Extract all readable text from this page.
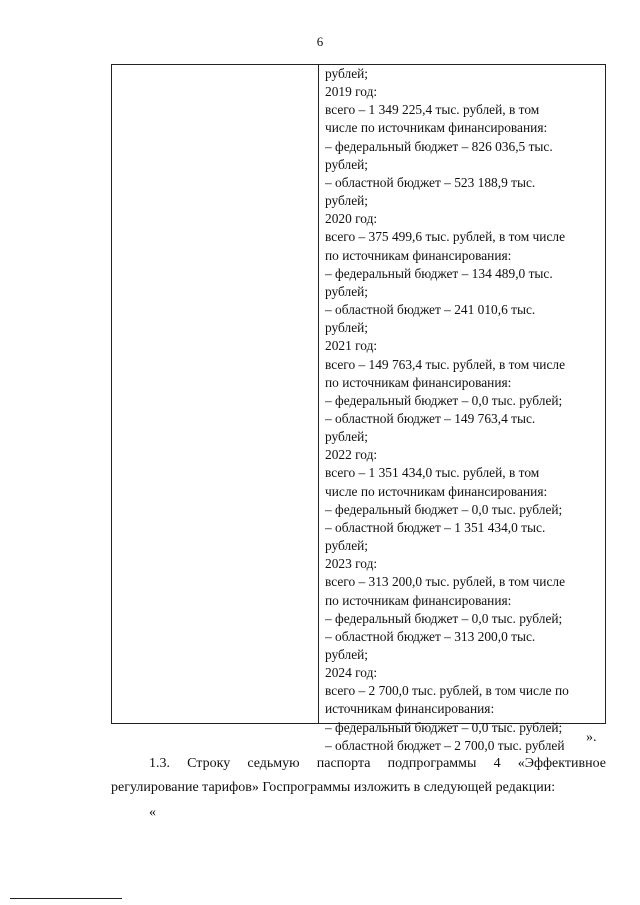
6
рублей;
2019 год:
всего – 1 349 225,4 тыс. рублей, в том
числе по источникам финансирования:
– федеральный бюджет – 826 036,5 тыс.
рублей;
– областной бюджет – 523 188,9 тыс.
рублей;
2020 год:
всего – 375 499,6 тыс. рублей, в том числе
по источникам финансирования:
– федеральный бюджет – 134 489,0 тыс.
рублей;
– областной бюджет – 241 010,6 тыс.
рублей;
2021 год:
всего – 149 763,4 тыс. рублей, в том числе
по источникам финансирования:
– федеральный бюджет – 0,0 тыс. рублей;
– областной бюджет – 149 763,4 тыс.
рублей;
2022 год:
всего – 1 351 434,0 тыс. рублей, в том
числе по источникам финансирования:
– федеральный бюджет – 0,0 тыс. рублей;
– областной бюджет – 1 351 434,0 тыс.
рублей;
2023 год:
всего – 313 200,0 тыс. рублей, в том числе
по источникам финансирования:
– федеральный бюджет – 0,0 тыс. рублей;
– областной бюджет – 313 200,0 тыс.
рублей;
2024 год:
всего – 2 700,0 тыс. рублей, в том числе по
источникам финансирования:
– федеральный бюджет – 0,0 тыс. рублей;
– областной бюджет – 2 700,0 тыс. рублей
».
1.3. Строку седьмую паспорта подпрограммы 4 «Эффективное
регулирование тарифов» Госпрограммы изложить в следующей редакции:
«
